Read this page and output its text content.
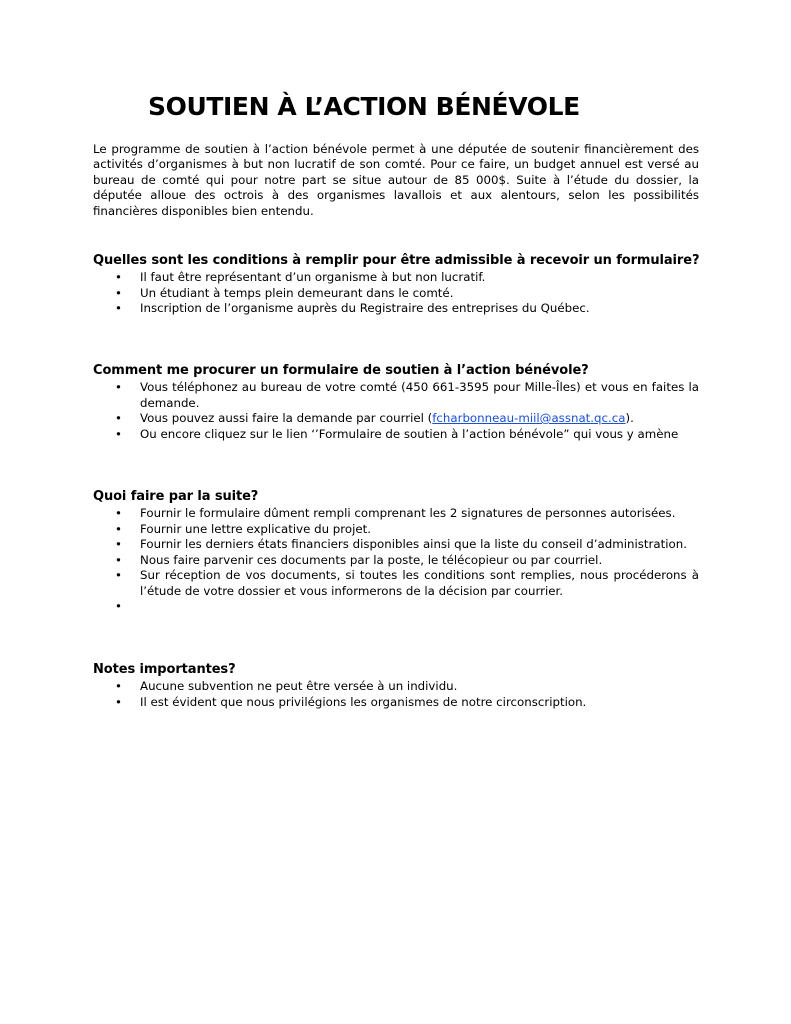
SOUTIEN À L’ACTION BÉNÉVOLE

Le programme de soutien à l’action bénévole permet à une députée de soutenir financièrement des activités d’organismes à but non lucratif de son comté. Pour ce faire, un budget annuel est versé au bureau de comté qui pour notre part se situe autour de 85 000$. Suite à l’étude du dossier, la députée alloue des octrois à des organismes lavallois et aux alentours, selon les possibilités financières disponibles bien entendu.

Quelles sont les conditions à remplir pour être admissible à recevoir un formulaire?
• Il faut être représentant d’un organisme à but non lucratif.
• Un étudiant à temps plein demeurant dans le comté.
• Inscription de l’organisme auprès du Registraire des entreprises du Québec.
Comment me procurer un formulaire de soutien à l’action bénévole?
• Vous téléphonez au bureau de votre comté (450 661-3595 pour Mille-Îles) et vous en faites la demande.
• Vous pouvez aussi faire la demande par courriel (fcharbonneau-miil@assnat.qc.ca).
• Ou encore cliquez sur le lien ‘’Formulaire de soutien à l’action bénévole” qui vous y amène
Quoi faire par la suite?
• Fournir le formulaire dûment rempli comprenant les 2 signatures de personnes autorisées.
• Fournir une lettre explicative du projet.
• Fournir les derniers états financiers disponibles ainsi que la liste du conseil d’administration.
• Nous faire parvenir ces documents par la poste, le télécopieur ou par courriel.
• Sur réception de vos documents, si toutes les conditions sont remplies, nous procéderons à l’étude de votre dossier et vous informerons de la décision par courrier.
•
Notes importantes?
• Aucune subvention ne peut être versée à un individu.
• Il est évident que nous privilégions les organismes de notre circonscription.
